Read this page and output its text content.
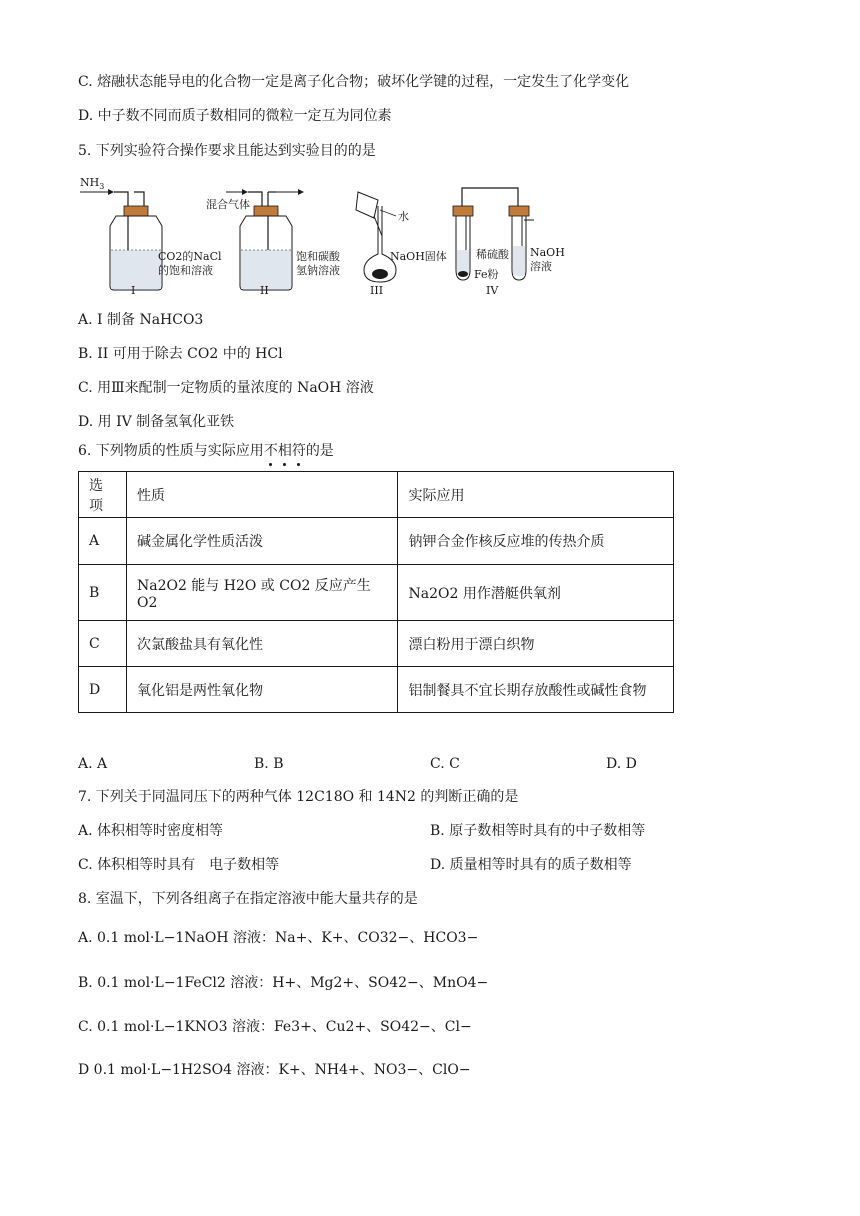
C. 熔融状态能导电的化合物一定是离子化合物；破坏化学键的过程，一定发生了化学变化
D. 中子数不同而质子数相同的微粒一定互为同位素
5. 下列实验符合操作要求且能达到实验目的的是
$NH_3$
CO2的NaCl
的饱和溶液
I
混合气体
饱和碳酸
氢钠溶液
II
水
NaOH固体
III
稀硫酸
Fe粉
NaOH
溶液
IV
A. I 制备 NaHCO3
B. II 可用于除去 CO2 中的 HCl
C. 用Ⅲ来配制一定物质的量浓度的 NaOH 溶液
D. 用 IV 制备氢氧化亚铁
6. 下列物质的性质与实际应用不相符的是
选项	性质	实际应用
A	碱金属化学性质活泼	钠钾合金作核反应堆的传热介质
B	Na2O2 能与 H2O 或 CO2 反应产生 O2	Na2O2 用作潜艇供氧剂
C	次氯酸盐具有氧化性	漂白粉用于漂白织物
D	氧化铝是两性氧化物	铝制餐具不宜长期存放酸性或碱性食物
A. A	B. B	C. C	D. D
7. 下列关于同温同压下的两种气体 12C18O 和 14N2 的判断正确的是
A. 体积相等时密度相等	B. 原子数相等时具有的中子数相等
C. 体积相等时具有　电子数相等	D. 质量相等时具有的质子数相等
8. 室温下，下列各组离子在指定溶液中能大量共存的是
A. 0.1 mol·L−1NaOH 溶液：Na+、K+、CO32−、HCO3−
B. 0.1 mol·L−1FeCl2 溶液：H+、Mg2+、SO42−、MnO4−
C. 0.1 mol·L−1KNO3 溶液：Fe3+、Cu2+、SO42−、Cl−
D 0.1 mol·L−1H2SO4 溶液：K+、NH4+、NO3−、ClO−
